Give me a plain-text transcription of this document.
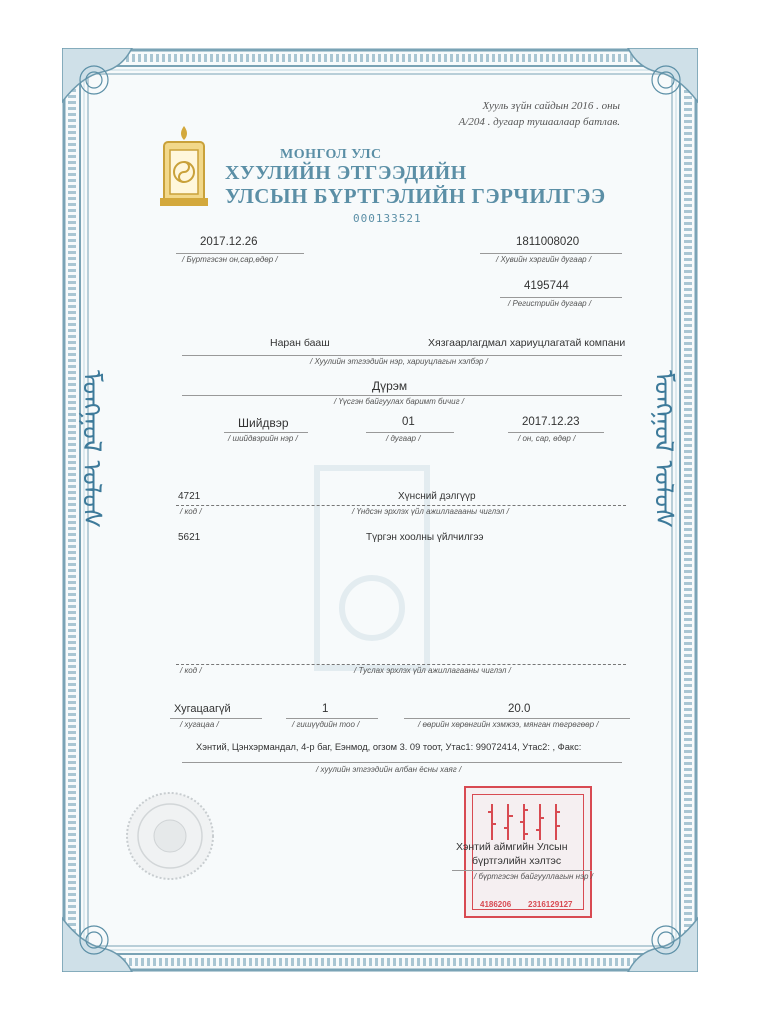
ᠮᠣᠩᠭᠣᠯ ᠤᠯᠤᠰ	ᠮᠣᠩᠭᠣᠯ ᠤᠯᠤᠰ
Хууль зүйн сайдын 2016 . оны
A/204 . дугаар тушаалаар батлав.
МОНГОЛ УЛС
ХУУЛИЙН ЭТГЭЭДИЙН
УЛСЫН БҮРТГЭЛИЙН ГЭРЧИЛГЭЭ
000133521
2017.12.26
/ Бүртгэсэн он,сар,өдөр /
1811008020
/ Хувийн хэргийн дугаар /
4195744
/ Регистрийн дугаар /
Наран бааш	Хязгаарлагдмал хариуцлагатай компани
/ Хуулийн этгээдийн нэр, хариуцлагын хэлбэр /
Дүрэм
/ Үүсгэн байгуулах баримт бичиг /
Шийдвэр
/ шийдвэрийн нэр /
01
/ дугаар /
2017.12.23
/ он, сар, өдөр /
4721	Хүнсний дэлгүүр
/ код /	/ Үндсэн эрхлэх үйл ажиллагааны чиглэл /
5621	Түргэн хоолны үйлчилгээ
/ код /	/ Туслах эрхлэх үйл ажиллагааны чиглэл /
Хугацаагүй
/ хугацаа /
1
/ гишүүдийн тоо /
20.0
/ өөрийн хөрөнгийн хэмжээ, мянган төгрөгөөр /
Хэнтий, Цэнхэрмандал, 4-р баг, Еэнмод, огзом 3. 09 тоот, Утас1: 99072414, Утас2: , Факс:
/ хуулийн этгээдийн албан ёсны хаяг /
4186206 2316129127
Хэнтий аймгийн Улсын
бүртгэлийн хэлтэс
/ бүртгэсэн байгууллагын нэр /
